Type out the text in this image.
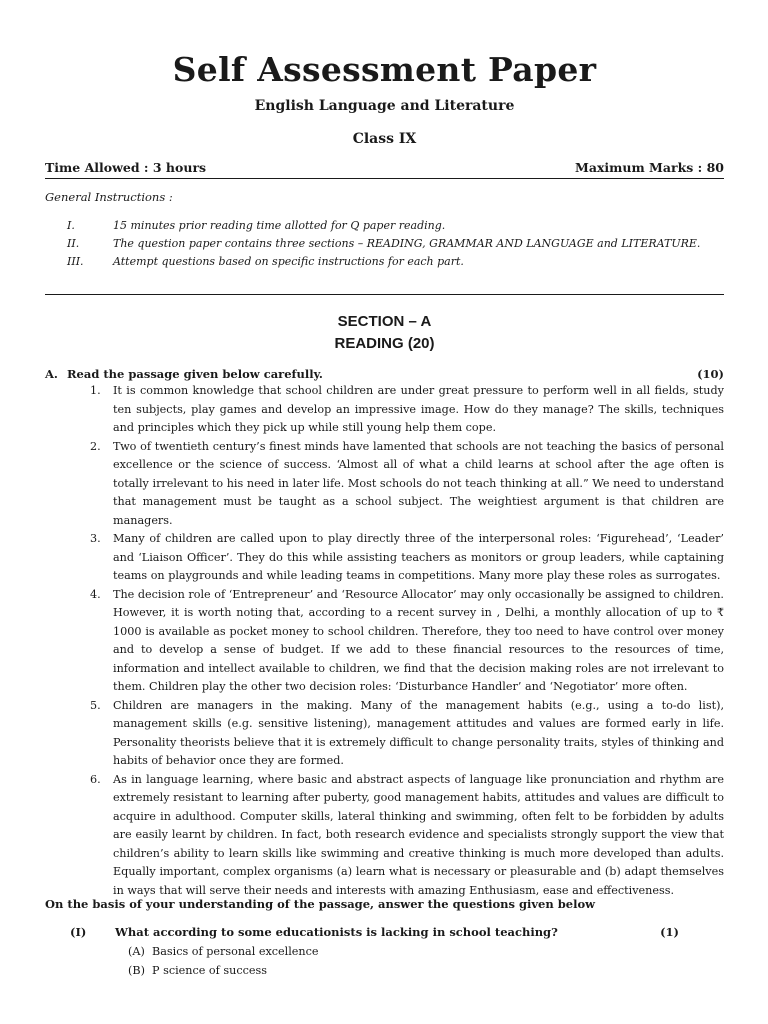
Self Assessment Paper
English Language and Literature
Class IX
Time Allowed : 3 hours	Maximum Marks : 80
General Instructions :
I.	15 minutes prior reading time allotted for Q paper reading.
II.	The question paper contains three sections – READING, GRAMMAR AND LANGUAGE and LITERATURE.
III.	Attempt questions based on specific instructions for each part.
SECTION – A
READING (20)
A. Read the passage given below carefully.	(10)

1. It is common knowledge that school children are under great pressure to perform well in all fields, study ten subjects, play games and develop an impressive image. How do they manage? The skills, techniques and principles which they pick up while still young help them cope.

2. Two of twentieth century’s finest minds have lamented that schools are not teaching the basics of personal excellence or the science of success. ‘Almost all of what a child learns at school after the age often is totally irrelevant to his need in later life. Most schools do not teach thinking at all.” We need to understand that management must be taught as a school subject. The weightiest argument is that children are managers.

3. Many of children are called upon to play directly three of the interpersonal roles: ‘Figurehead’, ‘Leader’ and ‘Liaison Officer’. They do this while assisting teachers as monitors or group leaders, while captaining teams on playgrounds and while leading teams in competitions. Many more play these roles as surrogates.

4. The decision role of ‘Entrepreneur’ and ‘Resource Allocator’ may only occasionally be assigned to children. However, it is worth noting that, according to a recent survey in , Delhi, a monthly allocation of up to ₹ 1000 is available as pocket money to school children. Therefore, they too need to have control over money and to develop a sense of budget. If we add to these financial resources to the resources of time, information and intellect available to children, we find that the decision making roles are not irrelevant to them. Children play the other two decision roles: ‘Disturbance Handler’ and ‘Negotiator’ more often.

5. Children are managers in the making. Many of the management habits (e.g., using a to-do list), management skills (e.g. sensitive listening), management attitudes and values are formed early in life. Personality theorists believe that it is extremely difficult to change personality traits, styles of thinking and habits of behavior once they are formed.

6. As in language learning, where basic and abstract aspects of language like pronunciation and rhythm are extremely resistant to learning after puberty, good management habits, attitudes and values are difficult to acquire in adulthood. Computer skills, lateral thinking and swimming, often felt to be forbidden by adults are easily learnt by children. In fact, both research evidence and specialists strongly support the view that children’s ability to learn skills like swimming and creative thinking is much more developed than adults. Equally important, complex organisms (a) learn what is necessary or pleasurable and (b) adapt themselves in ways that will serve their needs and interests with amazing Enthusiasm, ease and effectiveness.

On the basis of your understanding of the passage, answer the questions given below
(I) What according to some educationists is lacking in school teaching?	(1)
(A) Basics of personal excellence
(B) P science of success
